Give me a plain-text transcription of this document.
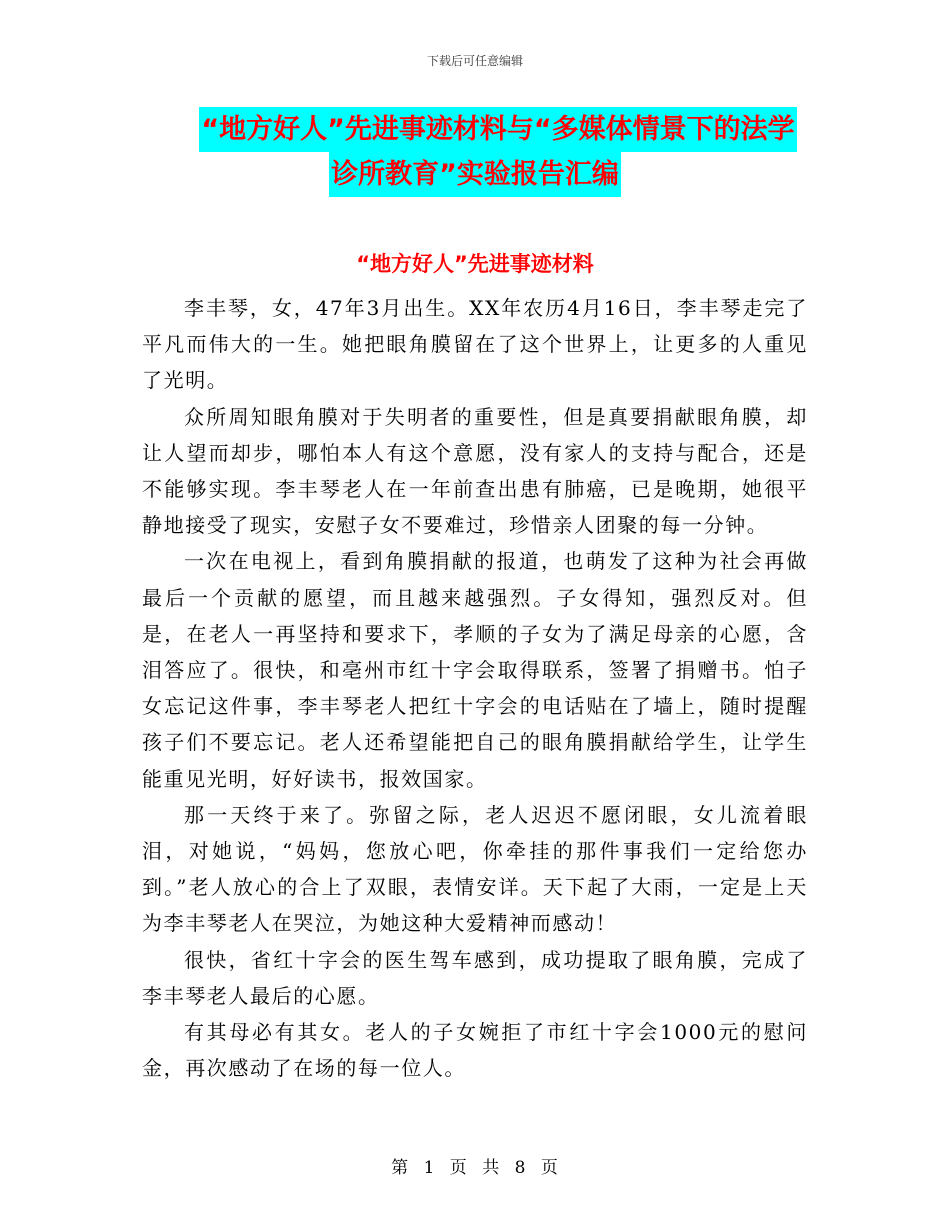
下载后可任意编辑
“地方好人”先进事迹材料与“多媒体情景下的法学
诊所教育”实验报告汇编
“地方好人”先进事迹材料

李丰琴，女，47年3月出生。XX年农历4月16日，李丰琴走完了平凡而伟大的一生。她把眼角膜留在了这个世界上，让更多的人重见了光明。

众所周知眼角膜对于失明者的重要性，但是真要捐献眼角膜，却让人望而却步，哪怕本人有这个意愿，没有家人的支持与配合，还是不能够实现。李丰琴老人在一年前查出患有肺癌，已是晚期，她很平静地接受了现实，安慰子女不要难过，珍惜亲人团聚的每一分钟。

一次在电视上，看到角膜捐献的报道，也萌发了这种为社会再做最后一个贡献的愿望，而且越来越强烈。子女得知，强烈反对。但是，在老人一再坚持和要求下，孝顺的子女为了满足母亲的心愿，含泪答应了。很快，和亳州市红十字会取得联系，签署了捐赠书。怕子女忘记这件事，李丰琴老人把红十字会的电话贴在了墙上，随时提醒孩子们不要忘记。老人还希望能把自己的眼角膜捐献给学生，让学生能重见光明，好好读书，报效国家。

那一天终于来了。弥留之际，老人迟迟不愿闭眼，女儿流着眼泪，对她说，“妈妈，您放心吧，你牵挂的那件事我们一定给您办到。”老人放心的合上了双眼，表情安详。天下起了大雨，一定是上天为李丰琴老人在哭泣，为她这种大爱精神而感动！

很快，省红十字会的医生驾车感到，成功提取了眼角膜，完成了李丰琴老人最后的心愿。

有其母必有其女。老人的子女婉拒了市红十字会1000元的慰问金，再次感动了在场的每一位人。

第 1 页 共 8 页
